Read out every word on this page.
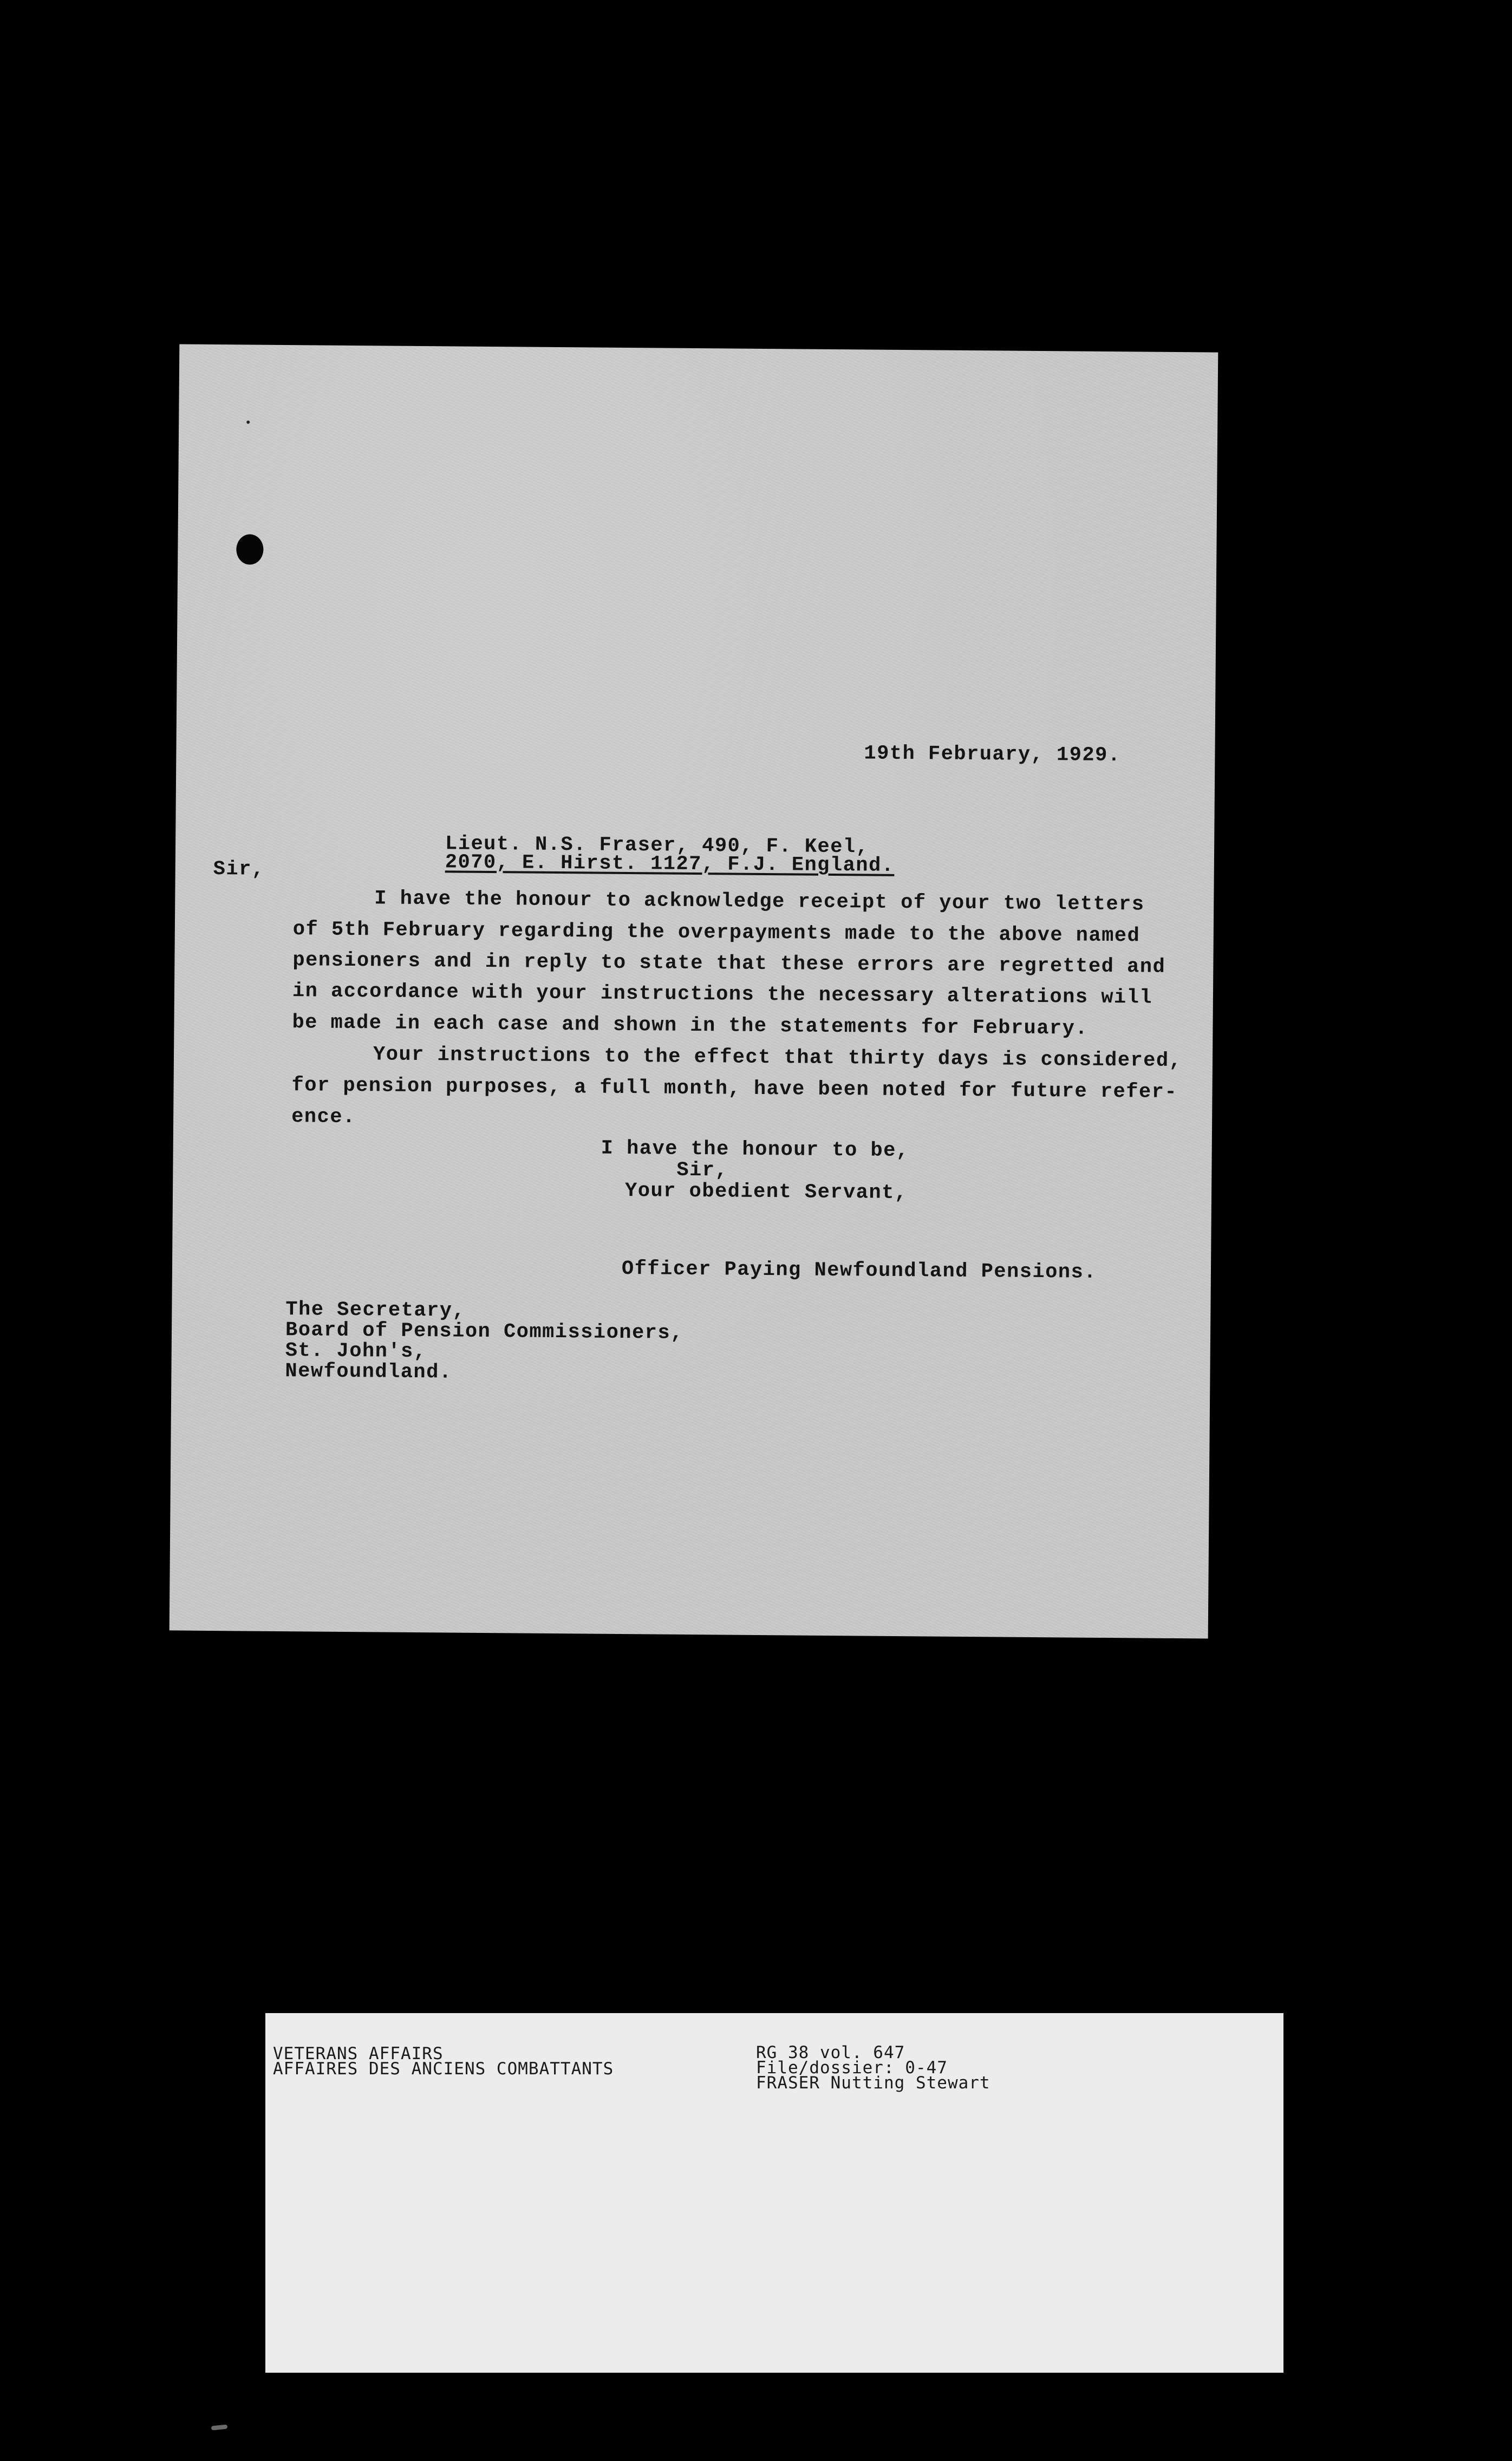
19th February, 1929.
Lieut. N.S. Fraser, 490, F. Keel,
Sir,	2070, E. Hirst. 1127, F.J. England.
I have the honour to acknowledge receipt of your two letters
of 5th February regarding the overpayments made to the above named
pensioners and in reply to state that these errors are regretted and
in accordance with your instructions the necessary alterations will
be made in each case and shown in the statements for February.
Your instructions to the effect that thirty days is considered,
for pension purposes, a full month, have been noted for future refer-
ence.
I have the honour to be,
Sir,
Your obedient Servant,
Officer Paying Newfoundland Pensions.
The Secretary,
Board of Pension Commissioners,
St. John's,
Newfoundland.
VETERANS AFFAIRS
AFFAIRES DES ANCIENS COMBATTANTS
RG 38 vol. 647
File/dossier: 0-47
FRASER Nutting Stewart
